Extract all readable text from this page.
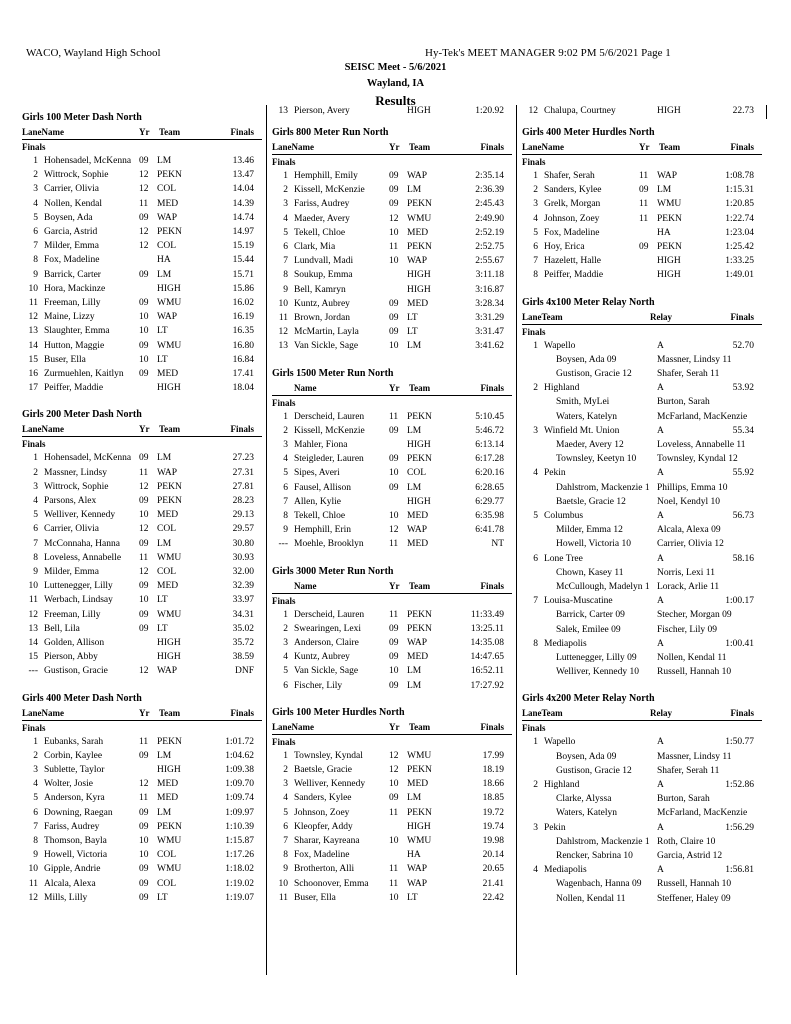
WACO, Wayland High School	Hy-Tek's MEET MANAGER 9:02 PM 5/6/2021 Page 1
SEISC Meet - 5/6/2021
Wayland, IA
Results
Girls 100 Meter Dash North
LaneName	Yr Team	Finals
Finals
1 Hohensadel, McKenna 09 LM	13.46
2 Wittrock, Sophie	12 PEKN	13.47
3 Carrier, Olivia	12 COL	14.04
4 Nollen, Kendal	11 MED	14.39
5 Boysen, Ada	09 WAP	14.74
6 Garcia, Astrid	12 PEKN	14.97
7 Milder, Emma	12 COL	15.19
8 Fox, Madeline	HA	15.44
9 Barrick, Carter	09 LM	15.71
10 Hora, Mackinze	HIGH	15.86
11 Freeman, Lilly	09 WMU	16.02
12 Maine, Lizzy	10 WAP	16.19
13 Slaughter, Emma	10 LT	16.35
14 Hutton, Maggie	09 WMU	16.80
15 Buser, Ella	10 LT	16.84
16 Zurmuehlen, Kaitlyn 09 MED	17.41
17 Peiffer, Maddie	HIGH	18.04
Girls 200 Meter Dash North
LaneName	Yr Team	Finals
Finals
1 Hohensadel, McKenna 09 LM	27.23
2 Massner, Lindsy	11 WAP	27.31
3 Wittrock, Sophie	12 PEKN	27.81
4 Parsons, Alex	09 PEKN	28.23
5 Welliver, Kennedy	10 MED	29.13
6 Carrier, Olivia	12 COL	29.57
7 McConnaha, Hanna 09 LM	30.80
8 Loveless, Annabelle 11 WMU	30.93
9 Milder, Emma	12 COL	32.00
10 Luttenegger, Lilly	09 MED	32.39
11 Werbach, Lindsay	10 LT	33.97
12 Freeman, Lilly	09 WMU	34.31
13 Bell, Lila	09 LT	35.02
14 Golden, Allison	HIGH	35.72
15 Pierson, Abby	HIGH	38.59
--- Gustison, Gracie	12 WAP	DNF
Girls 400 Meter Dash North
LaneName	Yr Team	Finals
Finals
1 Eubanks, Sarah	11 PEKN	1:01.72
2 Corbin, Kaylee	09 LM	1:04.62
3 Sublette, Taylor	HIGH	1:09.38
4 Wolter, Josie	12 MED	1:09.70
5 Anderson, Kyra	11 MED	1:09.74
6 Downing, Raegan	09 LM	1:09.97
7 Fariss, Audrey	09 PEKN	1:10.39
8 Thomson, Bayla	10 WMU	1:15.87
9 Howell, Victoria	10 COL	1:17.26
10 Gipple, Andrie	09 WMU	1:18.02
11 Alcala, Alexa	09 COL	1:19.02
12 Mills, Lilly	09 LT	1:19.07
13 Pierson, Avery	HIGH	1:20.92
Girls 800 Meter Run North
LaneName	Yr Team	Finals
Finals
1 Hemphill, Emily	09 WAP	2:35.14
2 Kissell, McKenzie	09 LM	2:36.39
3 Fariss, Audrey	09 PEKN	2:45.43
4 Maeder, Avery	12 WMU	2:49.90
5 Tekell, Chloe	10 MED	2:52.19
6 Clark, Mia	11 PEKN	2:52.75
7 Lundvall, Madi	10 WAP	2:55.67
8 Soukup, Emma	HIGH	3:11.18
9 Bell, Kamryn	HIGH	3:16.87
10 Kuntz, Aubrey	09 MED	3:28.34
11 Brown, Jordan	09 LT	3:31.29
12 McMartin, Layla	09 LT	3:31.47
13 Van Sickle, Sage	10 LM	3:41.62
Girls 1500 Meter Run North
Name	Yr Team	Finals
Finals
1 Derscheid, Lauren	11 PEKN	5:10.45
2 Kissell, McKenzie	09 LM	5:46.72
3 Mahler, Fiona	HIGH	6:13.14
4 Steigleder, Lauren	09 PEKN	6:17.28
5 Sipes, Averi	10 COL	6:20.16
6 Fausel, Allison	09 LM	6:28.65
7 Allen, Kylie	HIGH	6:29.77
8 Tekell, Chloe	10 MED	6:35.98
9 Hemphill, Erin	12 WAP	6:41.78
--- Moehle, Brooklyn	11 MED	NT
Girls 3000 Meter Run North
Name	Yr Team	Finals
Finals
1 Derscheid, Lauren	11 PEKN	11:33.49
2 Swearingen, Lexi	09 PEKN	13:25.11
3 Anderson, Claire	09 WAP	14:35.08
4 Kuntz, Aubrey	09 MED	14:47.65
5 Van Sickle, Sage	10 LM	16:52.11
6 Fischer, Lily	09 LM	17:27.92
Girls 100 Meter Hurdles North
LaneName	Yr Team	Finals
Finals
1 Townsley, Kyndal	12 WMU	17.99
2 Baetsle, Gracie	12 PEKN	18.19
3 Welliver, Kennedy	10 MED	18.66
4 Sanders, Kylee	09 LM	18.85
5 Johnson, Zoey	11 PEKN	19.72
6 Kleopfer, Addy	HIGH	19.74
7 Sharar, Kayreana	10 WMU	19.98
8 Fox, Madeline	HA	20.14
9 Brotherton, Alli	11 WAP	20.65
10 Schoonover, Emma 11 WAP	21.41
11 Buser, Ella	10 LT	22.42
12 Chalupa, Courtney	HIGH	22.73
Girls 400 Meter Hurdles North
LaneName	Yr Team	Finals
Finals
1 Shafer, Serah	11 WAP	1:08.78
2 Sanders, Kylee	09 LM	1:15.31
3 Grelk, Morgan	11 WMU	1:20.85
4 Johnson, Zoey	11 PEKN	1:22.74
5 Fox, Madeline	HA	1:23.04
6 Hoy, Erica	09 PEKN	1:25.42
7 Hazelett, Halle	HIGH	1:33.25
8 Peiffer, Maddie	HIGH	1:49.01
Girls 4x100 Meter Relay North
LaneTeam	Relay	Finals
Finals
1 Wapello	A	52.70
Boysen, Ada 09	Massner, Lindsy 11
Gustison, Gracie 12	Shafer, Serah 11
2 Highland	A	53.92
Smith, MyLei	Burton, Sarah
Waters, Katelyn	McFarland, MacKenzie
3 Winfield Mt. Union	A	55.34
Maeder, Avery 12	Loveless, Annabelle 11
Townsley, Keetyn 10 Townsley, Kyndal 12
4 Pekin	A	55.92
Dahlstrom, Mackenzie 1 Phillips, Emma 10
Baetsle, Gracie 12	Noel, Kendyl 10
5 Columbus	A	56.73
Milder, Emma 12	Alcala, Alexa 09
Howell, Victoria 10	Carrier, Olivia 12
6 Lone Tree	A	58.16
Chown, Kasey 11	Norris, Lexi 11
McCullough, Madelyn 1 Lorack, Arlie 11
7 Louisa-Muscatine	A	1:00.17
Barrick, Carter 09	Stecher, Morgan 09
Salek, Emilee 09	Fischer, Lily 09
8 Mediapolis	A	1:00.41
Luttenegger, Lilly 09 Nollen, Kendal 11
Welliver, Kennedy 10 Russell, Hannah 10
Girls 4x200 Meter Relay North
LaneTeam	Relay	Finals
Finals
1 Wapello	A	1:50.77
Boysen, Ada 09	Massner, Lindsy 11
Gustison, Gracie 12	Shafer, Serah 11
2 Highland	A	1:52.86
Clarke, Alyssa	Burton, Sarah
Waters, Katelyn	McFarland, MacKenzie
3 Pekin	A	1:56.29
Dahlstrom, Mackenzie 1 Roth, Claire 10
Rencker, Sabrina 10	Garcia, Astrid 12
4 Mediapolis	A	1:56.81
Wagenbach, Hanna 09 Russell, Hannah 10
Nollen, Kendal 11	Steffener, Haley 09
